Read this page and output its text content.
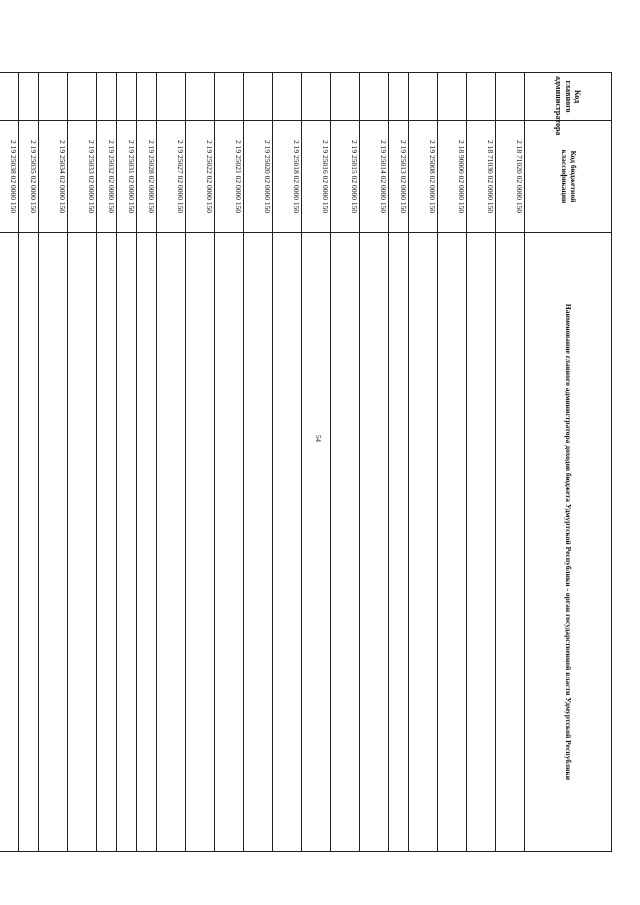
54
Код главного администратора	Код бюджетной классификации	Наименование главного администратора доходов бюджета Удмуртской Республики - орган государственной власти Удмуртской Республики
	2 18 71020 02 0000 150	
	2 18 71030 02 0000 150	
	2 18 90000 02 0000 150	
	2 19 25008 02 0000 150	
	2 19 25013 02 0000 150	
	2 19 25014 02 0000 150	
	2 19 25015 02 0000 150	
	2 19 25016 02 0000 150	
	2 19 25018 02 0000 150	
	2 19 25020 02 0000 150	
	2 19 25021 02 0000 150	
	2 19 25022 02 0000 150	
	2 19 25027 02 0000 150	
	2 19 25028 02 0000 150	
	2 19 25031 02 0000 150	
	2 19 25032 02 0000 150	
	2 19 25033 02 0000 150	
	2 19 25034 02 0000 150	
	2 19 25035 02 0000 150	
	2 19 25038 02 0000 150	
